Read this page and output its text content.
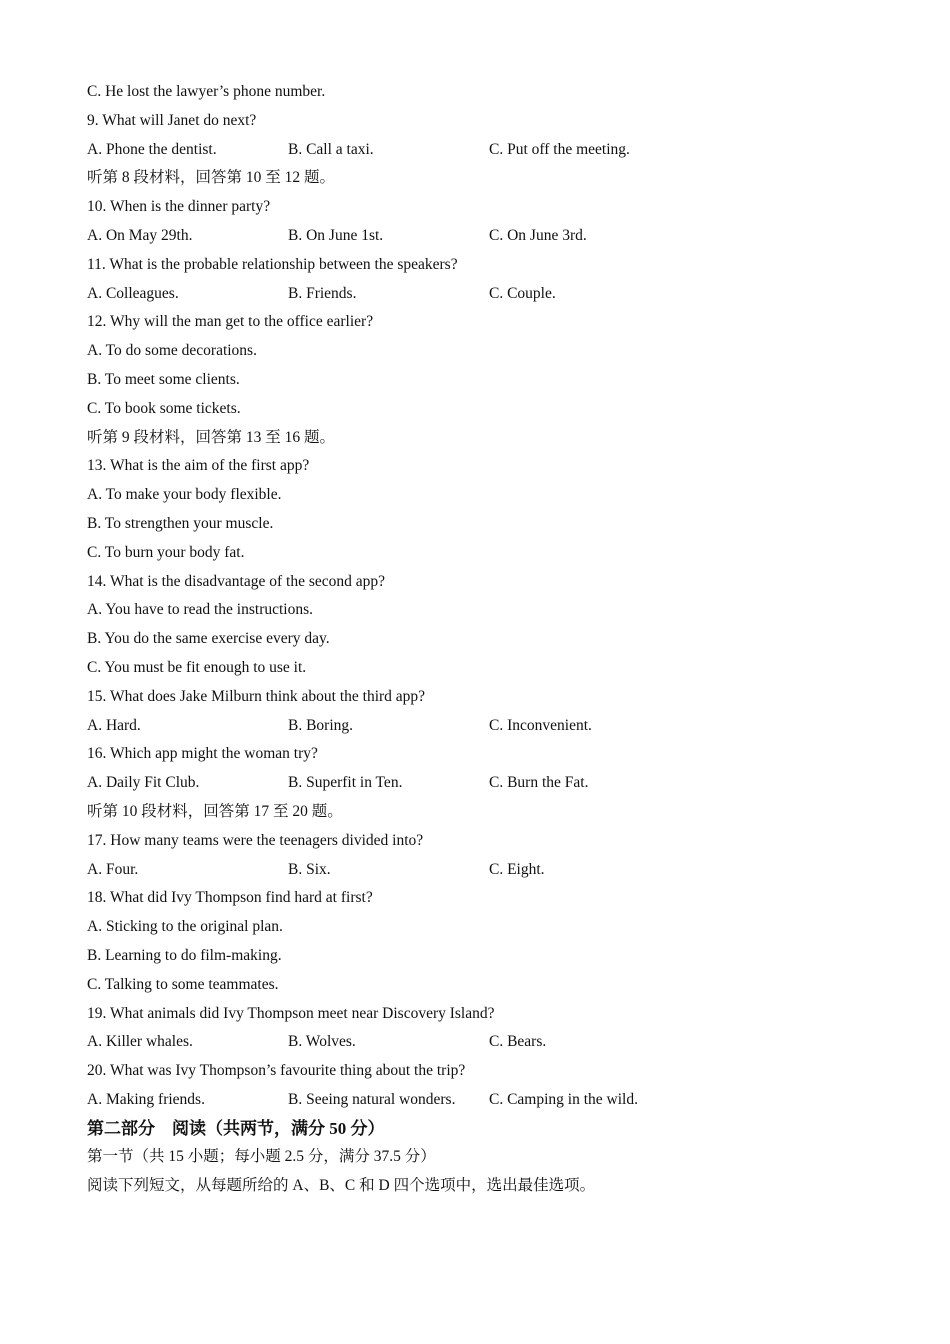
C. He lost the lawyer’s phone number.
9. What will Janet do next?
A. Phone the dentist.	B. Call a taxi.	C. Put off the meeting.
听第 8 段材料，回答第 10 至 12 题。
10. When is the dinner party?
A. On May 29th.	B. On June 1st.	C. On June 3rd.
11. What is the probable relationship between the speakers?
A. Colleagues.	B. Friends.	C. Couple.
12. Why will the man get to the office earlier?
A. To do some decorations.
B. To meet some clients.
C. To book some tickets.
听第 9 段材料，回答第 13 至 16 题。
13. What is the aim of the first app?
A. To make your body flexible.
B. To strengthen your muscle.
C. To burn your body fat.
14. What is the disadvantage of the second app?
A. You have to read the instructions.
B. You do the same exercise every day.
C. You must be fit enough to use it.
15. What does Jake Milburn think about the third app?
A. Hard.	B. Boring.	C. Inconvenient.
16. Which app might the woman try?
A. Daily Fit Club.	B. Superfit in Ten.	C. Burn the Fat.
听第 10 段材料，回答第 17 至 20 题。
17. How many teams were the teenagers divided into?
A. Four.	B. Six.	C. Eight.
18. What did Ivy Thompson find hard at first?
A. Sticking to the original plan.
B. Learning to do film-making.
C. Talking to some teammates.
19. What animals did Ivy Thompson meet near Discovery Island?
A. Killer whales.	B. Wolves.	C. Bears.
20. What was Ivy Thompson’s favourite thing about the trip?
A. Making friends.	B. Seeing natural wonders.	C. Camping in the wild.
第二部分　阅读（共两节，满分 50 分）
第一节（共 15 小题；每小题 2.5 分，满分 37.5 分）
阅读下列短文，从每题所给的 A、B、C 和 D 四个选项中，选出最佳选项。
